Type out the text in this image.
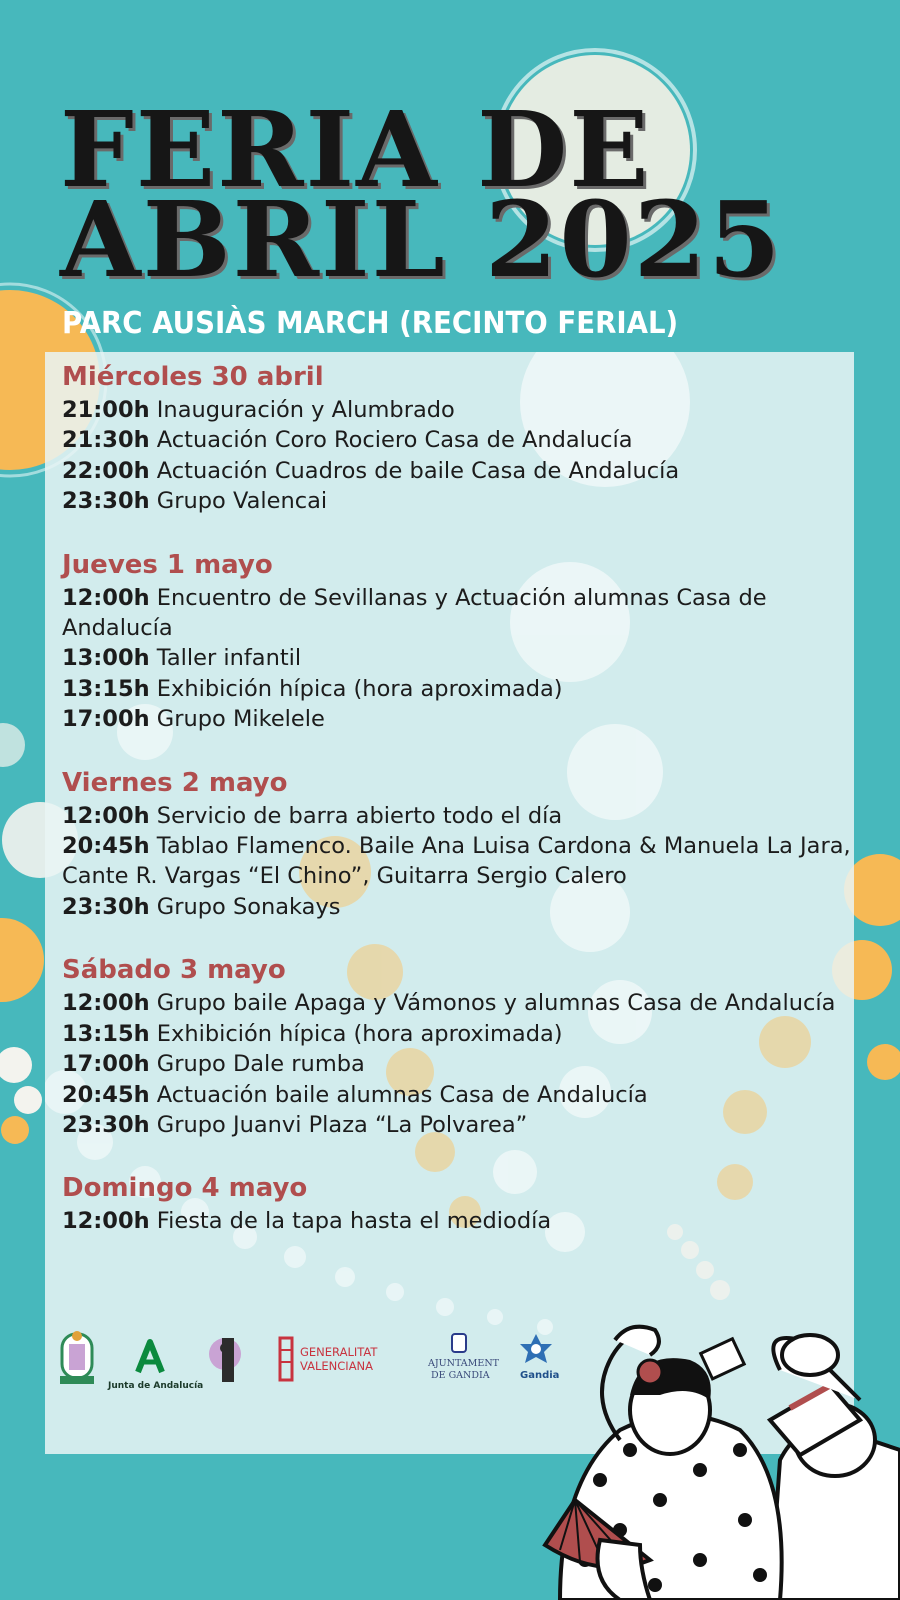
FERIA DE
ABRIL 2025
PARC AUSIÀS MARCH (RECINTO FERIAL)
Miércoles 30 abril
21:00h Inauguración y Alumbrado
21:30h Actuación Coro Rociero Casa de Andalucía
22:00h Actuación Cuadros de baile Casa de Andalucía
23:30h Grupo Valencai
Jueves 1 mayo
12:00h Encuentro de Sevillanas y Actuación alumnas Casa de Andalucía
13:00h Taller infantil
13:15h Exhibición hípica (hora aproximada)
17:00h Grupo Mikelele
Viernes 2 mayo
12:00h Servicio de barra abierto todo el día
20:45h Tablao Flamenco. Baile Ana Luisa Cardona & Manuela La Jara, Cante R. Vargas “El Chino”, Guitarra Sergio Calero
23:30h Grupo Sonakays
Sábado 3 mayo
12:00h Grupo baile Apaga y Vámonos y alumnas Casa de Andalucía
13:15h Exhibición hípica (hora aproximada)
17:00h Grupo Dale rumba
20:45h Actuación baile alumnas Casa de Andalucía
23:30h Grupo Juanvi Plaza “La Polvarea”
Domingo 4 mayo
12:00h Fiesta de la tapa hasta el mediodía
Junta de Andalucía
GENERALITAT
VALENCIANA	AJUNTAMENT
DE GANDIA	Gandia
